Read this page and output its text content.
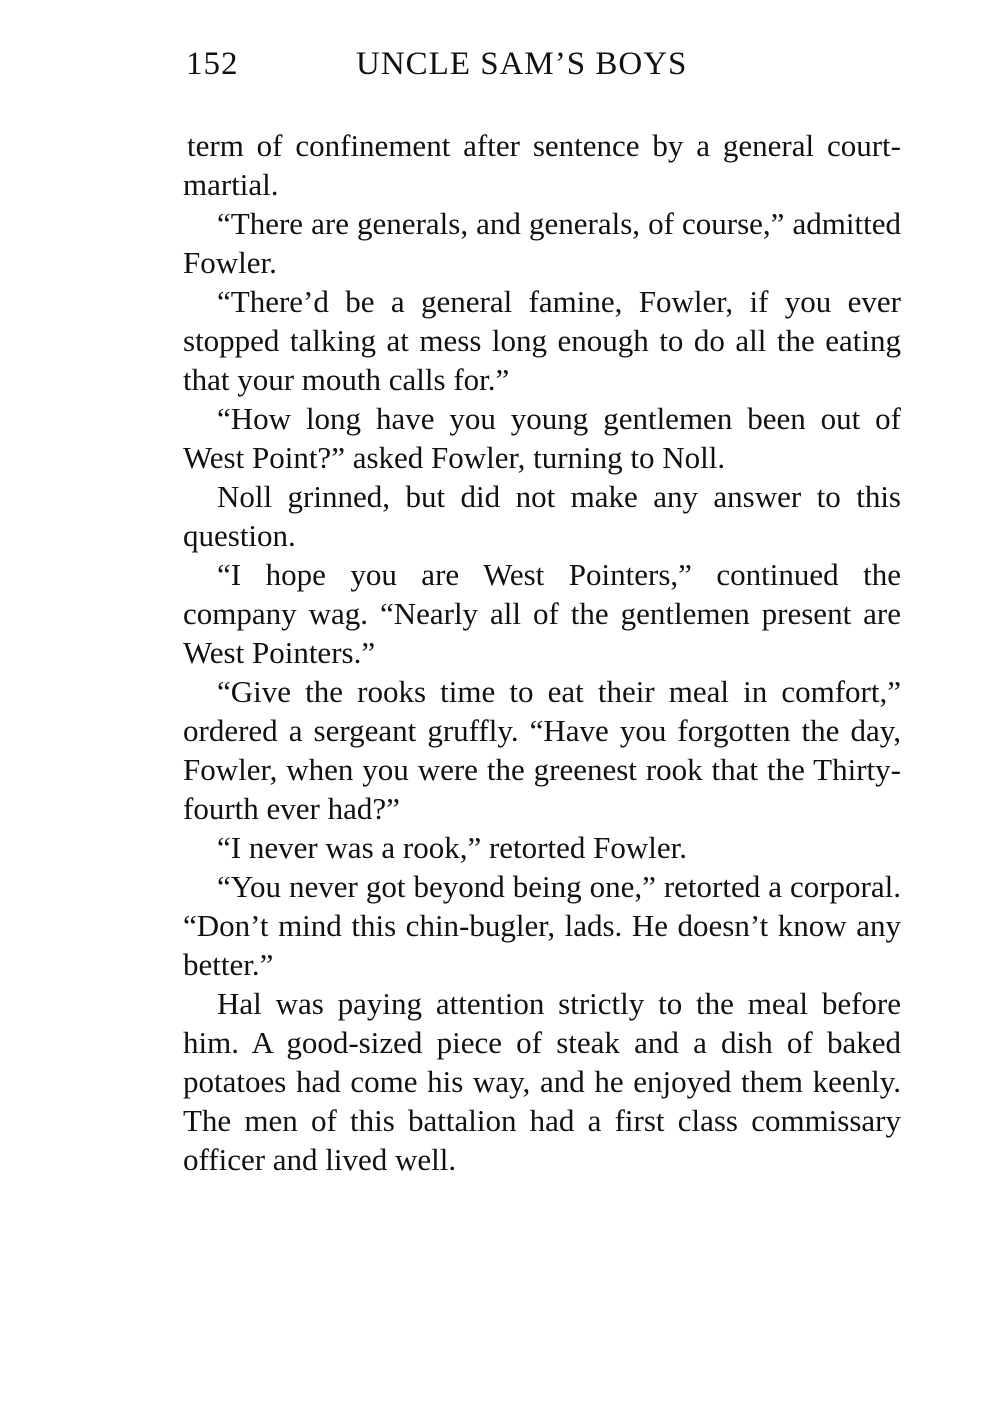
152	UNCLE SAM’S BOYS

term of confinement after sentence by a general court-martial.

“There are generals, and generals, of course,” admitted Fowler.

“There’d be a general famine, Fowler, if you ever stopped talking at mess long enough to do all the eating that your mouth calls for.”

“How long have you young gentlemen been out of West Point?” asked Fowler, turning to Noll.

Noll grinned, but did not make any answer to this question.

“I hope you are West Pointers,” continued the company wag. “Nearly all of the gentlemen present are West Pointers.”

“Give the rooks time to eat their meal in comfort,” ordered a sergeant gruffly. “Have you forgotten the day, Fowler, when you were the greenest rook that the Thirty-fourth ever had?”

“I never was a rook,” retorted Fowler.

“You never got beyond being one,” retorted a corporal. “Don’t mind this chin-bugler, lads. He doesn’t know any better.”

Hal was paying attention strictly to the meal before him. A good-sized piece of steak and a dish of baked potatoes had come his way, and he enjoyed them keenly. The men of this battalion had a first class commissary officer and lived well.
